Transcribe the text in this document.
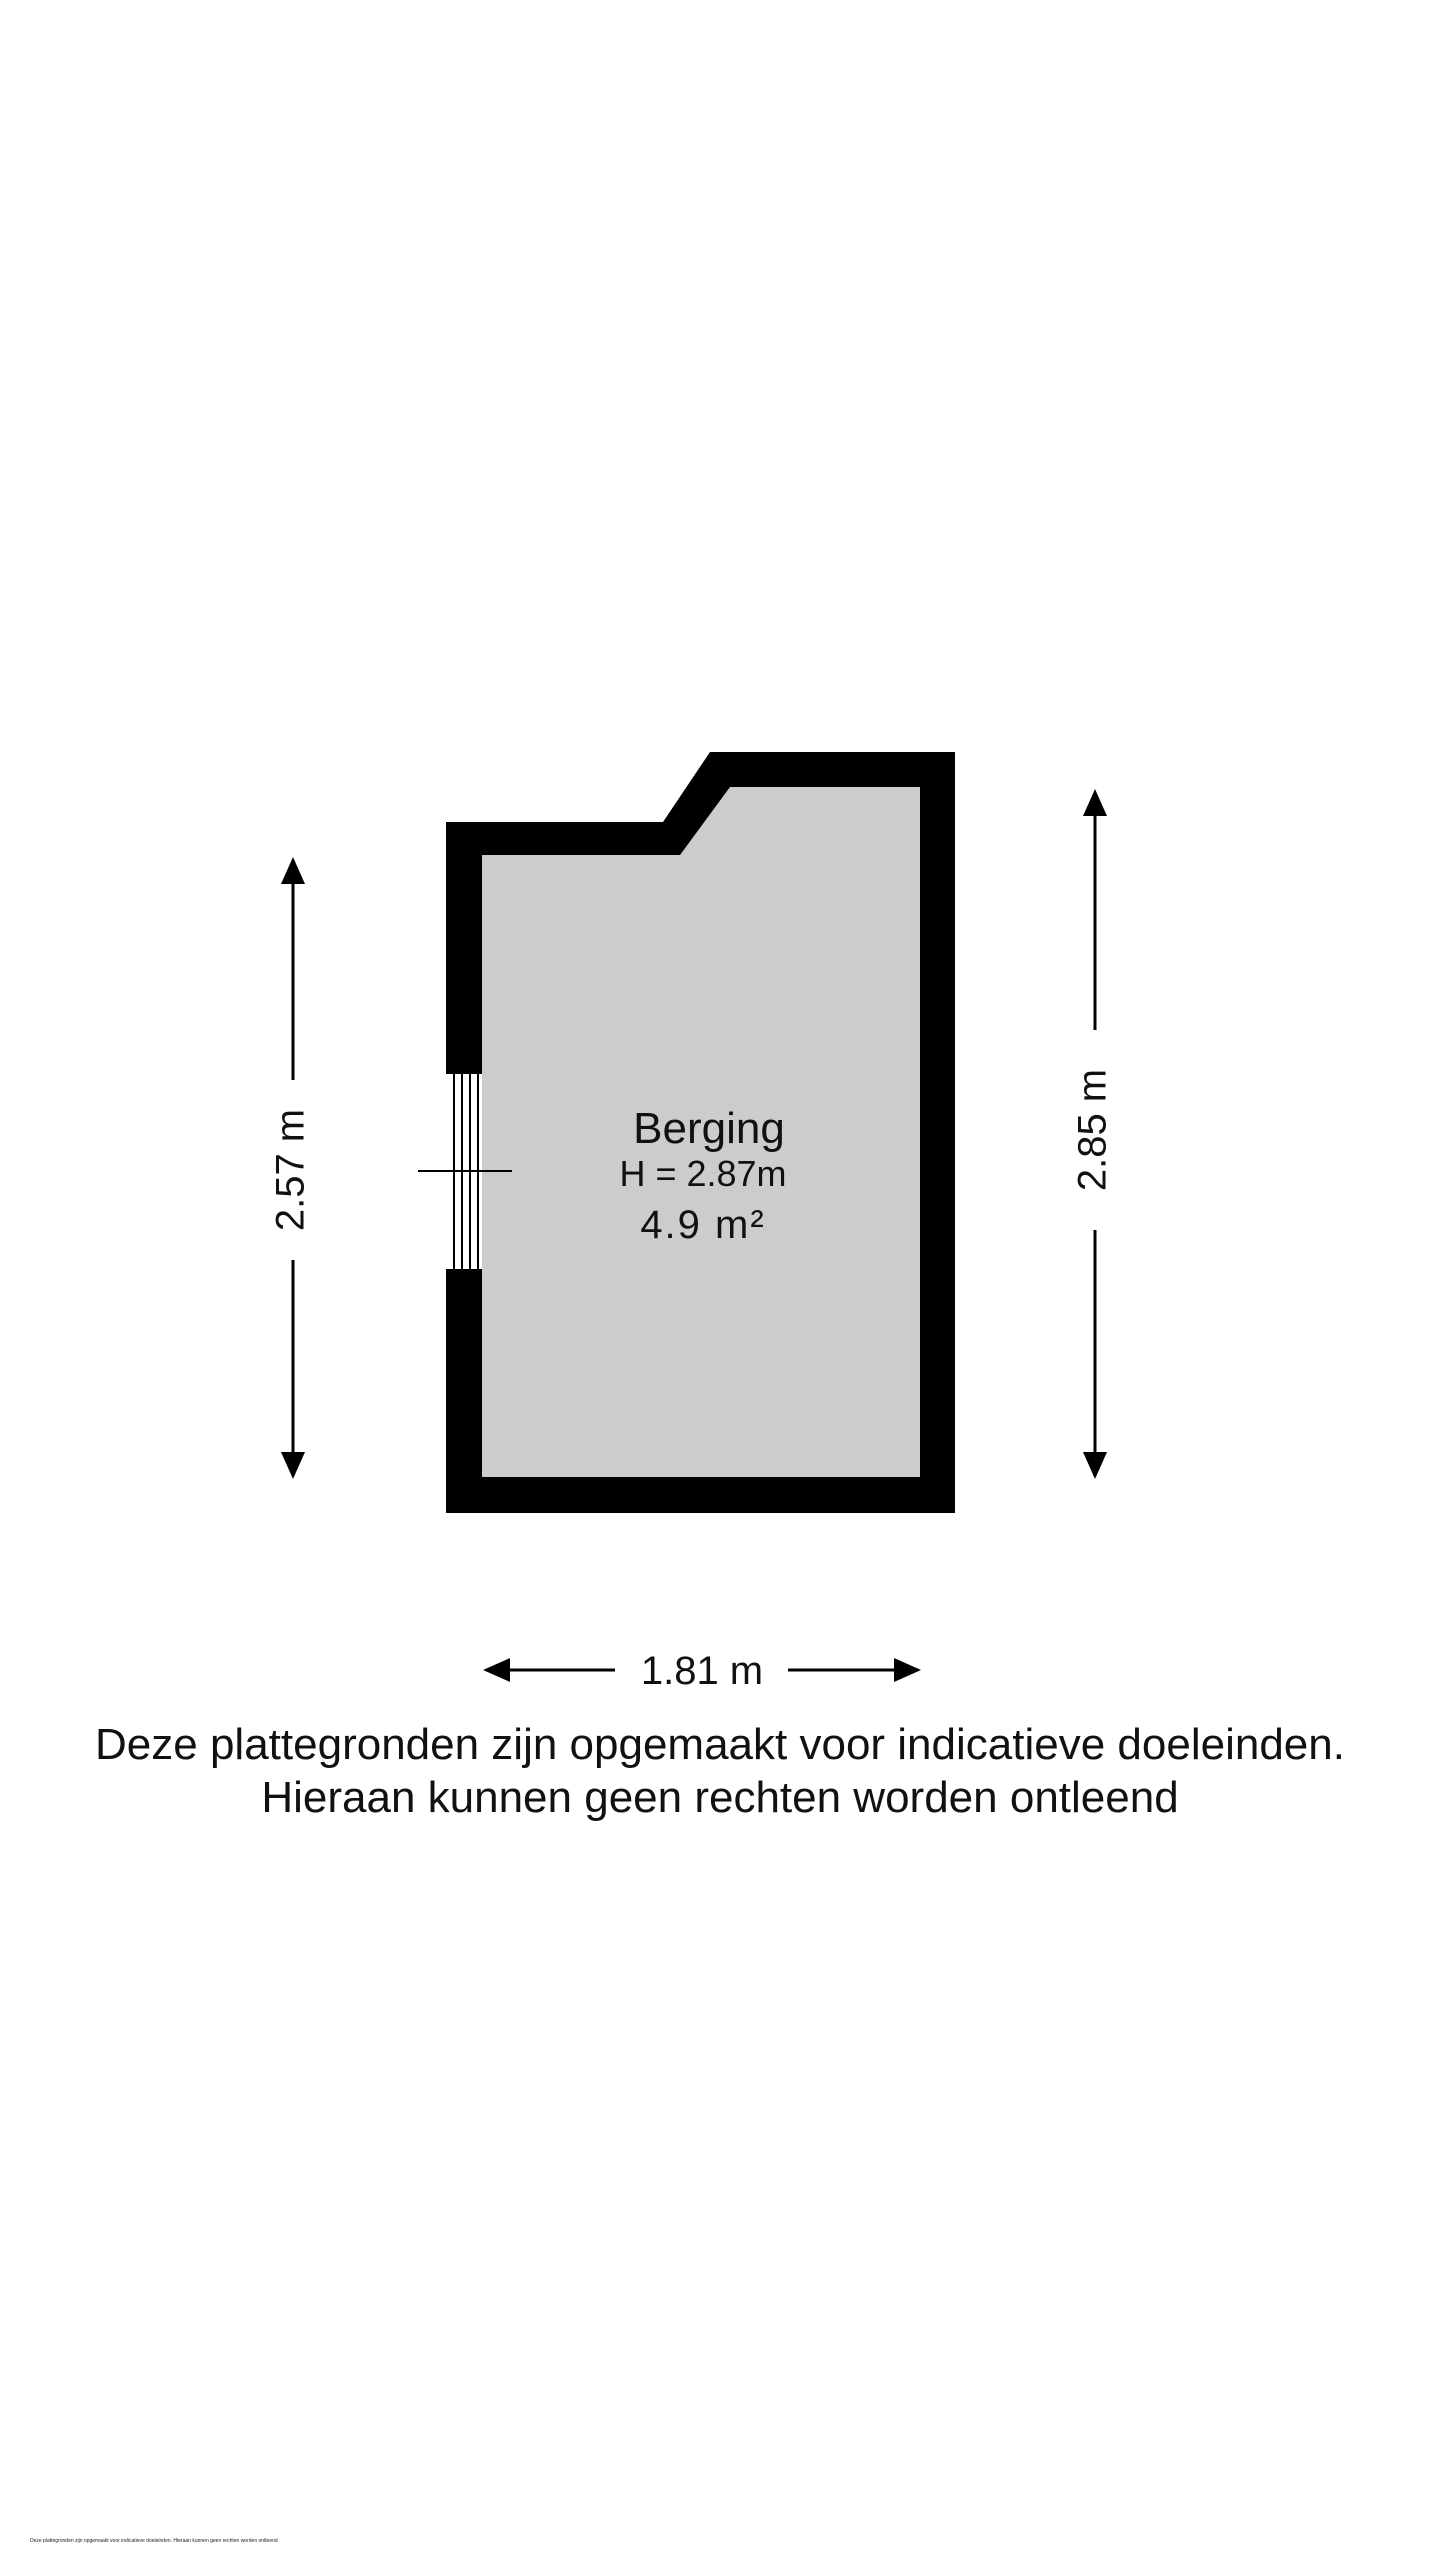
Berging
H = 2.87m
4.9 m²
2.57 m	2.85 m
1.81 m
Deze plattegronden zijn opgemaakt voor indicatieve doeleinden.
Hieraan kunnen geen rechten worden ontleend
Deze plattegronden zijn opgemaakt voor indicatieve doeleinden. Hieraan kunnen geen rechten worden ontleend
